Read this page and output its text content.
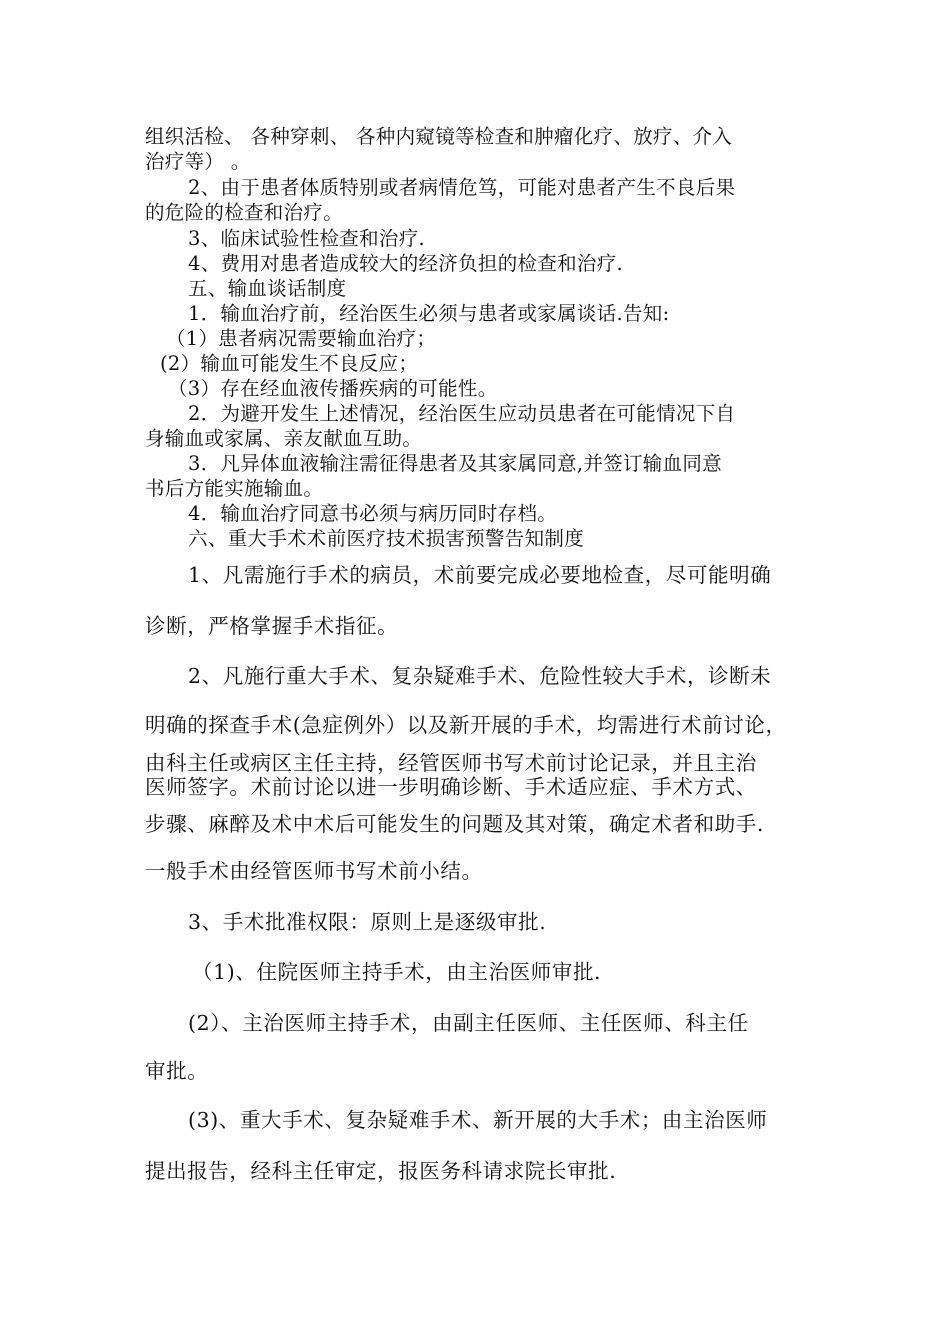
组织活检、 各种穿刺、 各种内窥镜等检查和肿瘤化疗、放疗、介入

治疗等） 。

2、由于患者体质特别或者病情危笃，可能对患者产生不良后果

的危险的检查和治疗。

3、临床试验性检查和治疗.

4、费用对患者造成较大的经济负担的检查和治疗.

五、输血谈话制度

1．输血治疗前，经治医生必须与患者或家属谈话.告知:

（1）患者病况需要输血治疗；

(2）输血可能发生不良反应；

（3）存在经血液传播疾病的可能性。

2．为避开发生上述情况，经治医生应动员患者在可能情况下自

身输血或家属、亲友献血互助。

3．凡异体血液输注需征得患者及其家属同意,并签订输血同意

书后方能实施输血。

4．输血治疗同意书必须与病历同时存档。

六、重大手术术前医疗技术损害预警告知制度

1、凡需施行手术的病员，术前要完成必要地检查，尽可能明确

诊断，严格掌握手术指征。

2、凡施行重大手术、复杂疑难手术、危险性较大手术，诊断未

明确的探查手术(急症例外）以及新开展的手术，均需进行术前讨论，

由科主任或病区主任主持，经管医师书写术前讨论记录，并且主治

医师签字。术前讨论以进一步明确诊断、手术适应症、手术方式、

步骤、麻醉及术中术后可能发生的问题及其对策，确定术者和助手.

一般手术由经管医师书写术前小结。

3、手术批准权限：原则上是逐级审批.

（1)、住院医师主持手术，由主治医师审批.

(2）、主治医师主持手术，由副主任医师、主任医师、科主任

审批。

(3)、重大手术、复杂疑难手术、新开展的大手术；由主治医师

提出报告，经科主任审定，报医务科请求院长审批.
